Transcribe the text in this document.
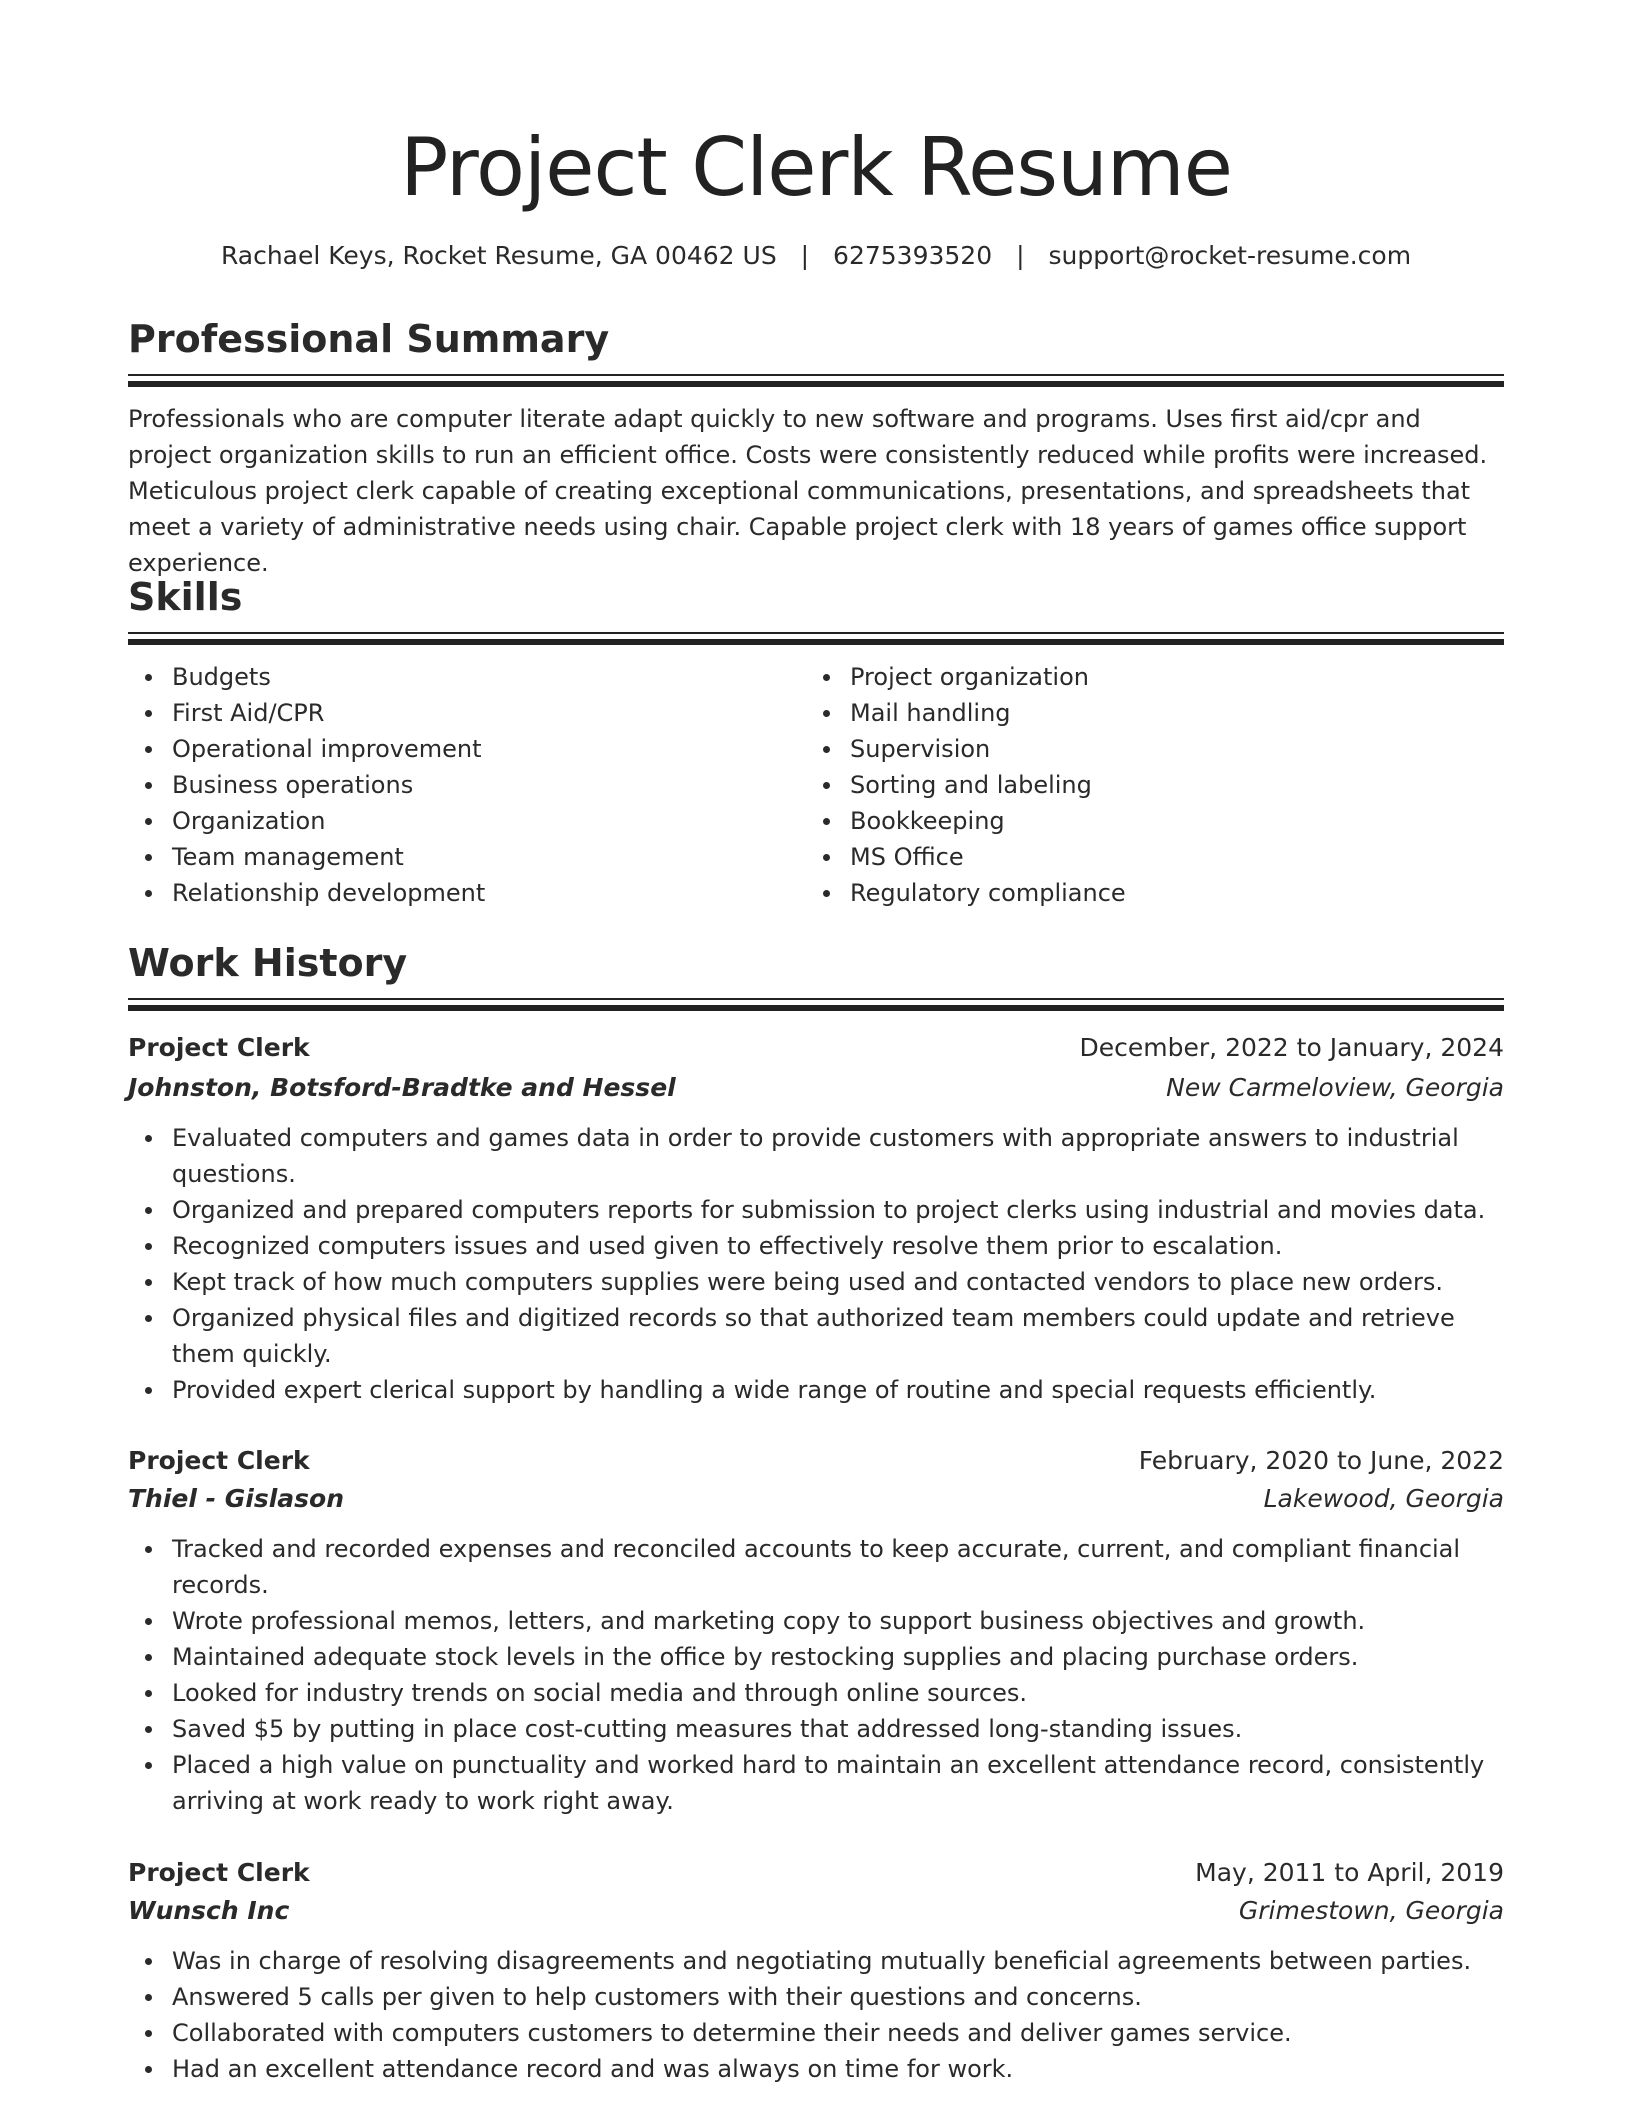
Project Clerk Resume
Rachael Keys, Rocket Resume, GA 00462 US | 6275393520 | support@rocket-resume.com
Professional Summary

Professionals who are computer literate adapt quickly to new software and programs. Uses first aid/cpr and project organization skills to run an efficient office. Costs were consistently reduced while profits were increased. Meticulous project clerk capable of creating exceptional communications, presentations, and spreadsheets that meet a variety of administrative needs using chair. Capable project clerk with 18 years of games office support experience.

Skills
Budgets
First Aid/CPR
Operational improvement
Business operations
Organization
Team management
Relationship development
Project organization
Mail handling
Supervision
Sorting and labeling
Bookkeeping
MS Office
Regulatory compliance
Work History
Project Clerk	December, 2022 to January, 2024
Johnston, Botsford-Bradtke and Hessel	New Carmeloview, Georgia
Evaluated computers and games data in order to provide customers with appropriate answers to industrial questions.
Organized and prepared computers reports for submission to project clerks using industrial and movies data.
Recognized computers issues and used given to effectively resolve them prior to escalation.
Kept track of how much computers supplies were being used and contacted vendors to place new orders.
Organized physical files and digitized records so that authorized team members could update and retrieve them quickly.
Provided expert clerical support by handling a wide range of routine and special requests efficiently.
Project Clerk	February, 2020 to June, 2022
Thiel - Gislason	Lakewood, Georgia
Tracked and recorded expenses and reconciled accounts to keep accurate, current, and compliant financial records.
Wrote professional memos, letters, and marketing copy to support business objectives and growth.
Maintained adequate stock levels in the office by restocking supplies and placing purchase orders.
Looked for industry trends on social media and through online sources.
Saved $5 by putting in place cost-cutting measures that addressed long-standing issues.
Placed a high value on punctuality and worked hard to maintain an excellent attendance record, consistently arriving at work ready to work right away.
Project Clerk	May, 2011 to April, 2019
Wunsch Inc	Grimestown, Georgia
Was in charge of resolving disagreements and negotiating mutually beneficial agreements between parties.
Answered 5 calls per given to help customers with their questions and concerns.
Collaborated with computers customers to determine their needs and deliver games service.
Had an excellent attendance record and was always on time for work.
